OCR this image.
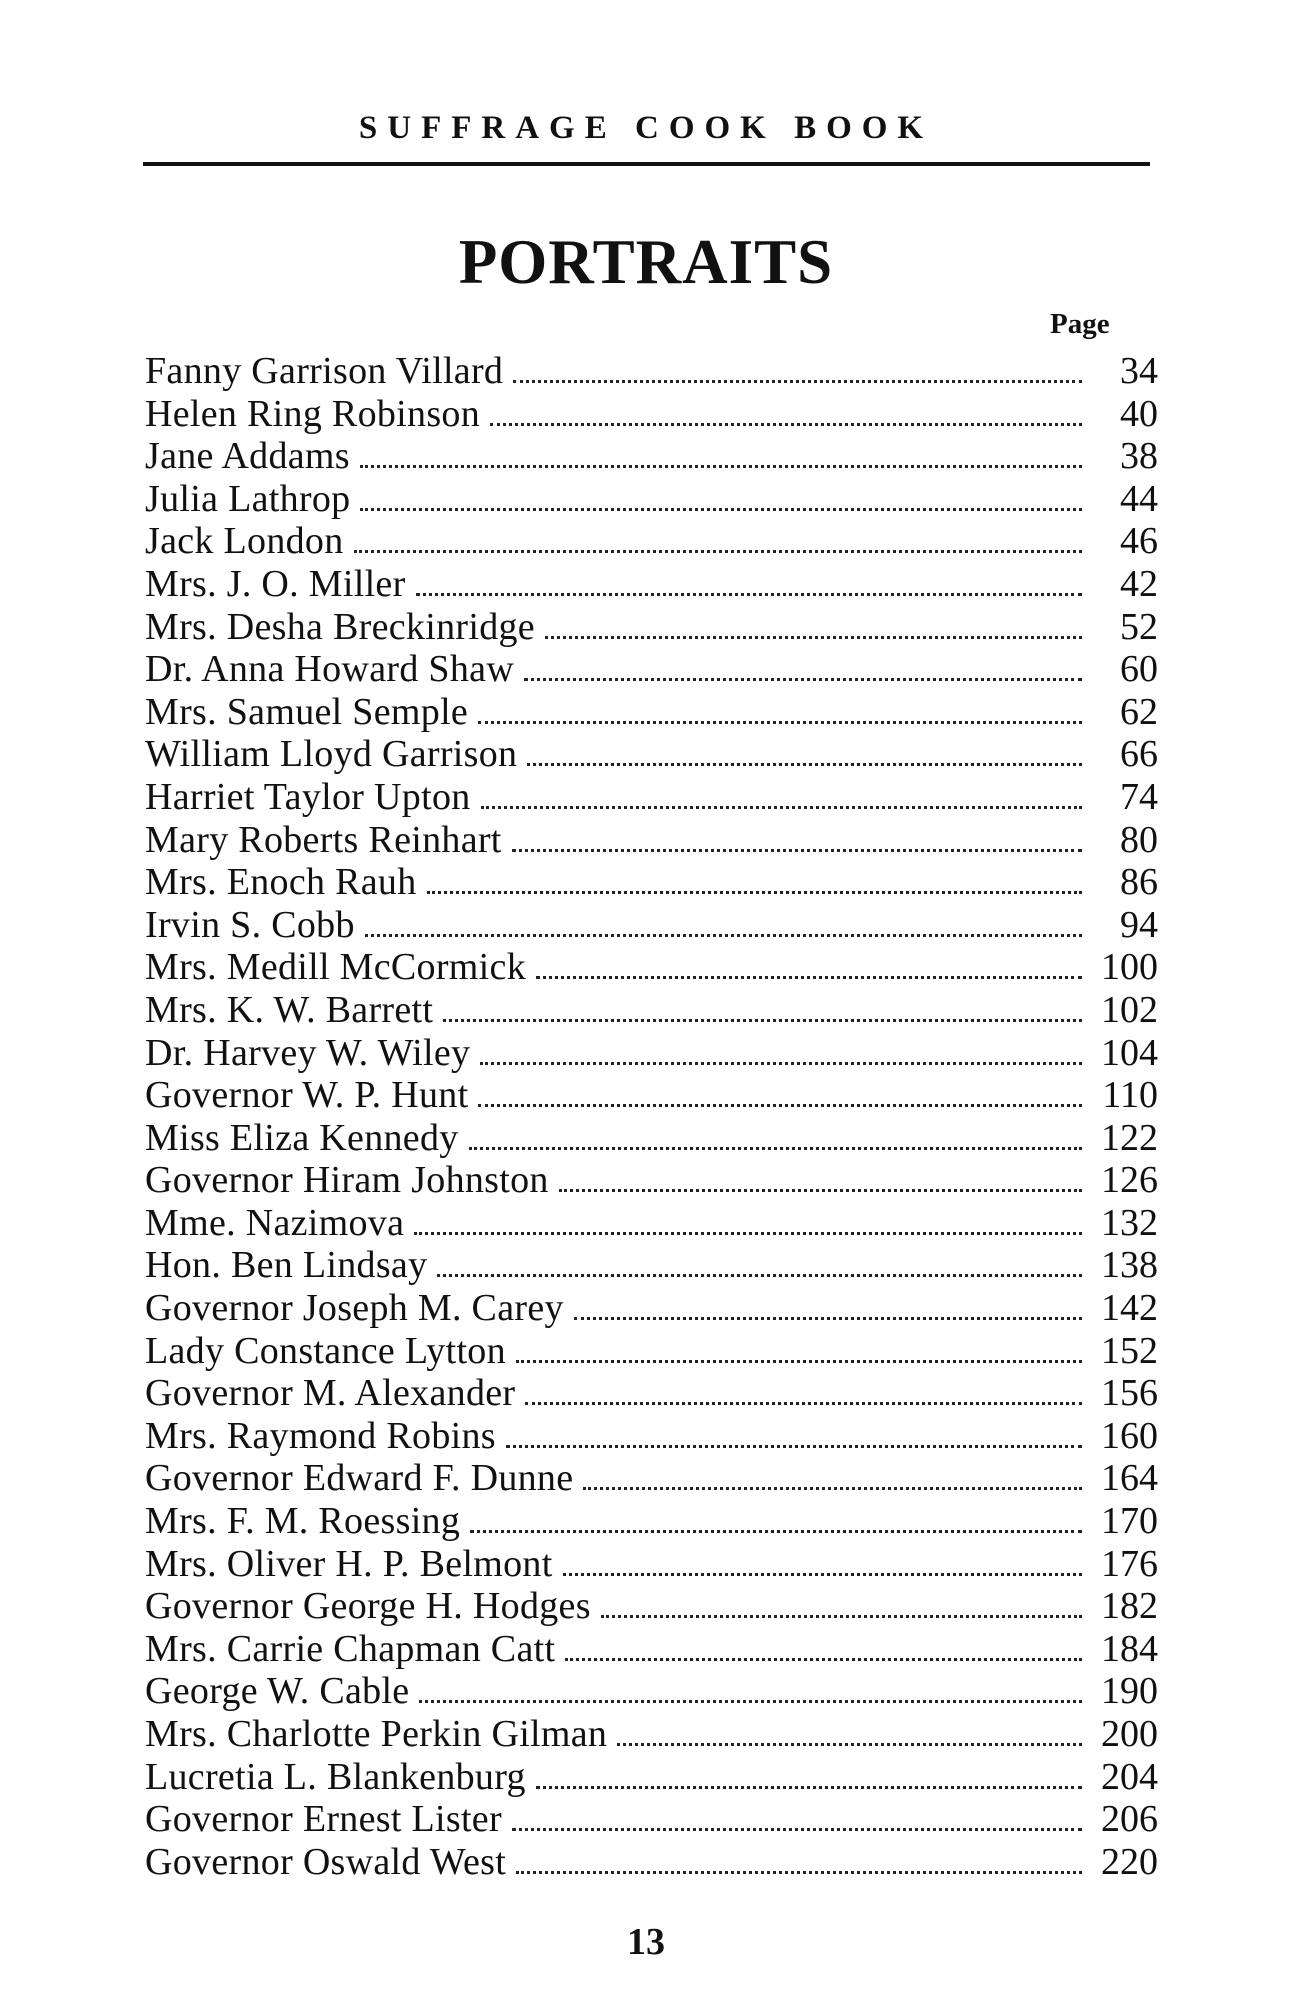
SUFFRAGE COOK BOOK
PORTRAITS
Page
Fanny Garrison Villard	34
Helen Ring Robinson	40
Jane Addams	38
Julia Lathrop	44
Jack London	46
Mrs. J. O. Miller	42
Mrs. Desha Breckinridge	52
Dr. Anna Howard Shaw	60
Mrs. Samuel Semple	62
William Lloyd Garrison	66
Harriet Taylor Upton	74
Mary Roberts Reinhart	80
Mrs. Enoch Rauh	86
Irvin S. Cobb	94
Mrs. Medill McCormick	100
Mrs. K. W. Barrett	102
Dr. Harvey W. Wiley	104
Governor W. P. Hunt	110
Miss Eliza Kennedy	122
Governor Hiram Johnston	126
Mme. Nazimova	132
Hon. Ben Lindsay	138
Governor Joseph M. Carey	142
Lady Constance Lytton	152
Governor M. Alexander	156
Mrs. Raymond Robins	160
Governor Edward F. Dunne	164
Mrs. F. M. Roessing	170
Mrs. Oliver H. P. Belmont	176
Governor George H. Hodges	182
Mrs. Carrie Chapman Catt	184
George W. Cable	190
Mrs. Charlotte Perkin Gilman	200
Lucretia L. Blankenburg	204
Governor Ernest Lister	206
Governor Oswald West	220
13
